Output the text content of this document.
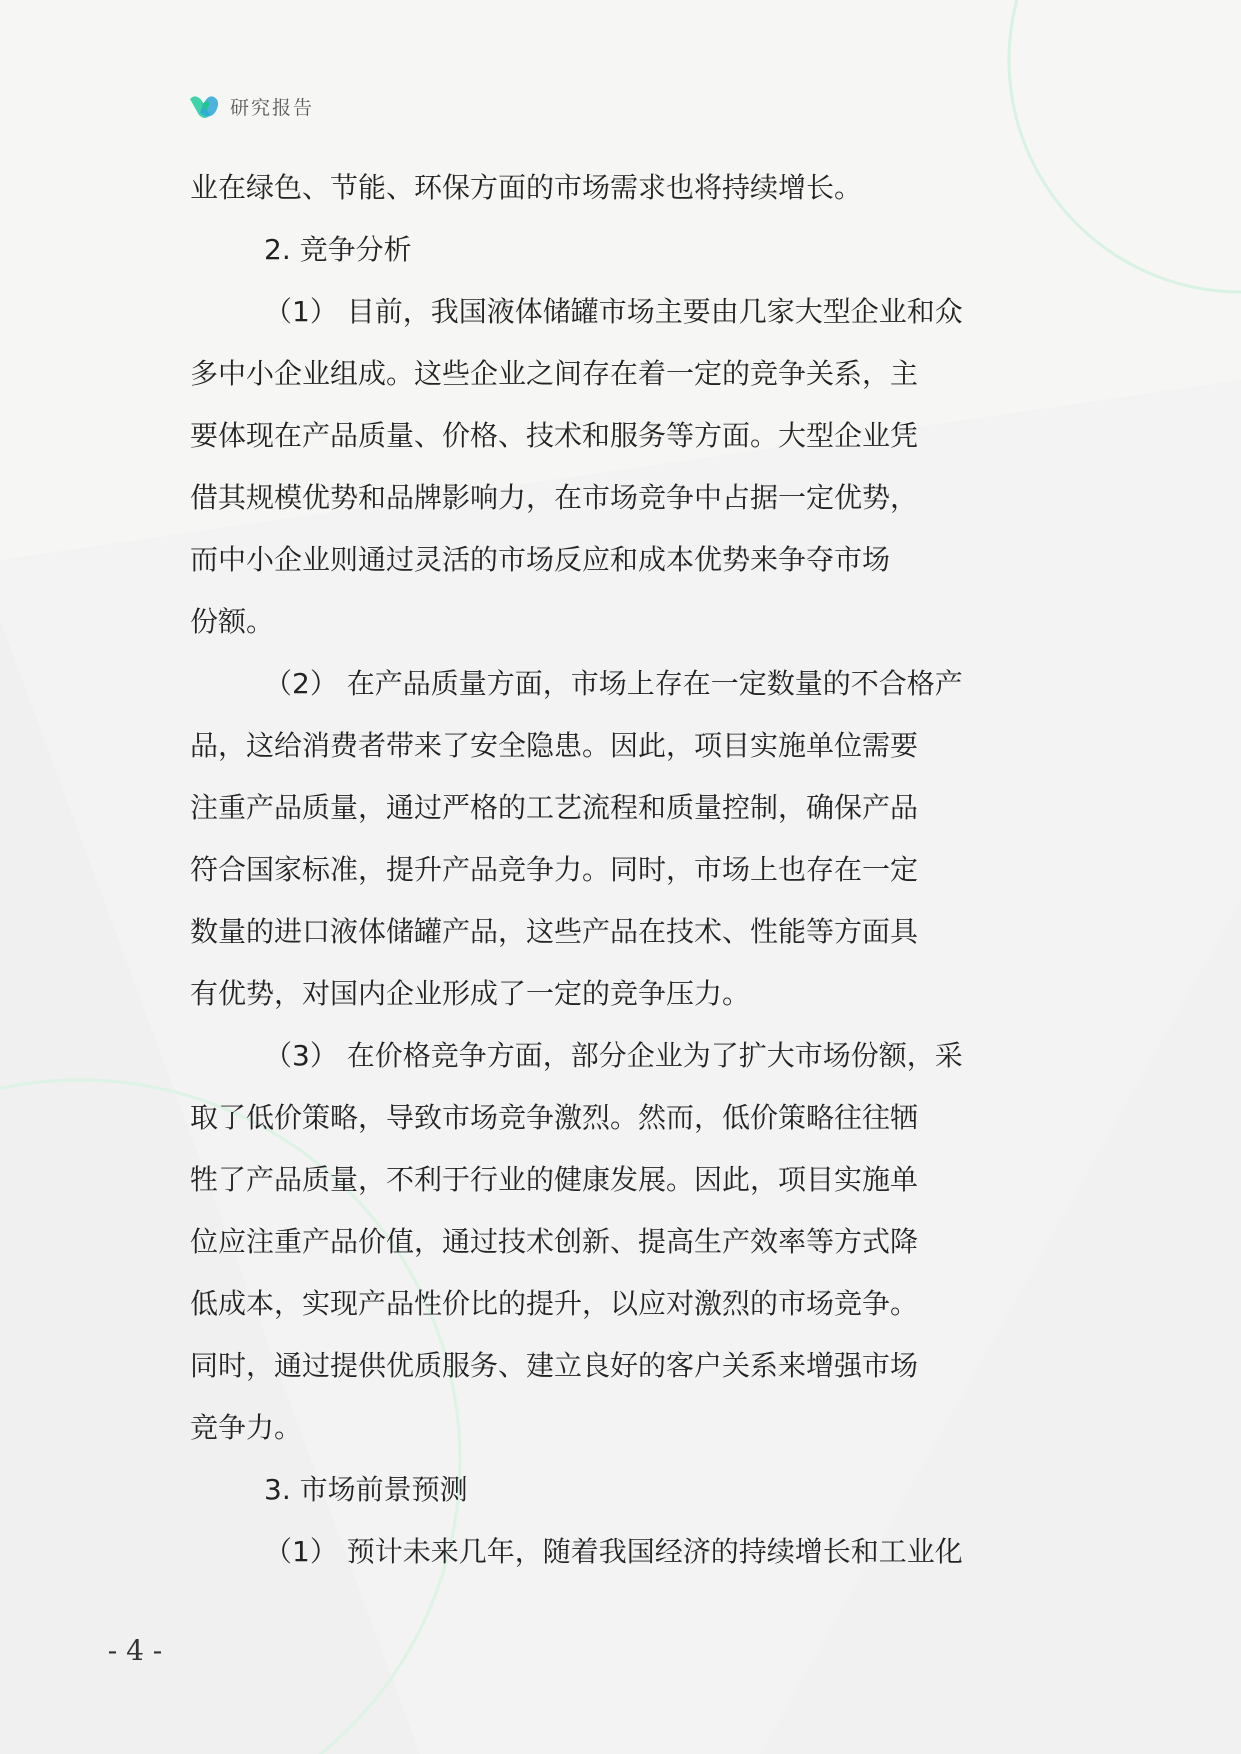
研究报告
业在绿色、节能、环保方面的市场需求也将持续增长。
2. 竞争分析
（1） 目前，我国液体储罐市场主要由几家大型企业和众
多中小企业组成。这些企业之间存在着一定的竞争关系，主
要体现在产品质量、价格、技术和服务等方面。大型企业凭
借其规模优势和品牌影响力，在市场竞争中占据一定优势，
而中小企业则通过灵活的市场反应和成本优势来争夺市场
份额。
（2） 在产品质量方面，市场上存在一定数量的不合格产
品，这给消费者带来了安全隐患。因此，项目实施单位需要
注重产品质量，通过严格的工艺流程和质量控制，确保产品
符合国家标准，提升产品竞争力。同时，市场上也存在一定
数量的进口液体储罐产品，这些产品在技术、性能等方面具
有优势，对国内企业形成了一定的竞争压力。
（3） 在价格竞争方面，部分企业为了扩大市场份额，采
取了低价策略，导致市场竞争激烈。然而，低价策略往往牺
牲了产品质量，不利于行业的健康发展。因此，项目实施单
位应注重产品价值，通过技术创新、提高生产效率等方式降
低成本，实现产品性价比的提升，以应对激烈的市场竞争。
同时，通过提供优质服务、建立良好的客户关系来增强市场
竞争力。
3. 市场前景预测
（1） 预计未来几年，随着我国经济的持续增长和工业化
- 4 -
